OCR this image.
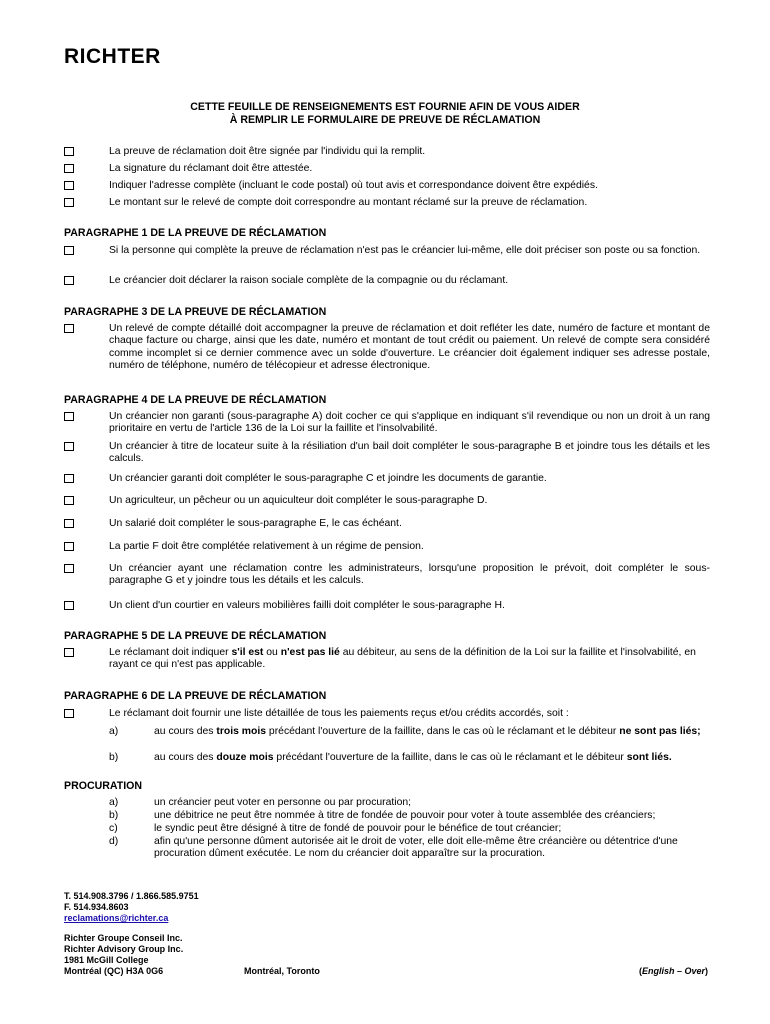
RICHTER
CETTE FEUILLE DE RENSEIGNEMENTS EST FOURNIE AFIN DE VOUS AIDER
À REMPLIR LE FORMULAIRE DE PREUVE DE RÉCLAMATION
La preuve de réclamation doit être signée par l'individu qui la remplit.
La signature du réclamant doit être attestée.
Indiquer l'adresse complète (incluant le code postal) où tout avis et correspondance doivent être expédiés.
Le montant sur le relevé de compte doit correspondre au montant réclamé sur la preuve de réclamation.
PARAGRAPHE 1 DE LA PREUVE DE RÉCLAMATION
Si la personne qui complète la preuve de réclamation n'est pas le créancier lui-même, elle doit préciser son poste ou sa fonction.
Le créancier doit déclarer la raison sociale complète de la compagnie ou du réclamant.
PARAGRAPHE 3 DE LA PREUVE DE RÉCLAMATION
Un relevé de compte détaillé doit accompagner la preuve de réclamation et doit refléter les date, numéro de facture et montant de chaque facture ou charge, ainsi que les date, numéro et montant de tout crédit ou paiement. Un relevé de compte sera considéré comme incomplet si ce dernier commence avec un solde d'ouverture. Le créancier doit également indiquer ses adresse postale, numéro de téléphone, numéro de télécopieur et adresse électronique.
PARAGRAPHE 4 DE LA PREUVE DE RÉCLAMATION
Un créancier non garanti (sous-paragraphe A) doit cocher ce qui s'applique en indiquant s'il revendique ou non un droit à un rang prioritaire en vertu de l'article 136 de la Loi sur la faillite et l'insolvabilité.
Un créancier à titre de locateur suite à la résiliation d'un bail doit compléter le sous-paragraphe B et joindre tous les détails et les calculs.
Un créancier garanti doit compléter le sous-paragraphe C et joindre les documents de garantie.
Un agriculteur, un pêcheur ou un aquiculteur doit compléter le sous-paragraphe D.
Un salarié doit compléter le sous-paragraphe E, le cas échéant.
La partie F doit être complétée relativement à un régime de pension.
Un créancier ayant une réclamation contre les administrateurs, lorsqu'une proposition le prévoit, doit compléter le sous-paragraphe G et y joindre tous les détails et les calculs.
Un client d'un courtier en valeurs mobilières failli doit compléter le sous-paragraphe H.
PARAGRAPHE 5 DE LA PREUVE DE RÉCLAMATION
Le réclamant doit indiquer s'il est ou n'est pas lié au débiteur, au sens de la définition de la Loi sur la faillite et l'insolvabilité, en rayant ce qui n'est pas applicable.
PARAGRAPHE 6 DE LA PREUVE DE RÉCLAMATION
Le réclamant doit fournir une liste détaillée de tous les paiements reçus et/ou crédits accordés, soit :
a)	au cours des trois mois précédant l'ouverture de la faillite, dans le cas où le réclamant et le débiteur ne sont pas liés;
b)	au cours des douze mois précédant l'ouverture de la faillite, dans le cas où le réclamant et le débiteur sont liés.
PROCURATION
a)	un créancier peut voter en personne ou par procuration;
b)	une débitrice ne peut être nommée à titre de fondée de pouvoir pour voter à toute assemblée des créanciers;
c)	le syndic peut être désigné à titre de fondé de pouvoir pour le bénéfice de tout créancier;
d)	afin qu'une personne dûment autorisée ait le droit de voter, elle doit elle-même être créancière ou détentrice d'une procuration dûment exécutée. Le nom du créancier doit apparaître sur la procuration.
T. 514.908.3796 / 1.866.585.9751
F. 514.934.8603
reclamations@richter.ca
Richter Groupe Conseil Inc.
Richter Advisory Group Inc.
1981 McGill College
Montréal (QC) H3A 0G6	Montréal, Toronto	(English – Over)
